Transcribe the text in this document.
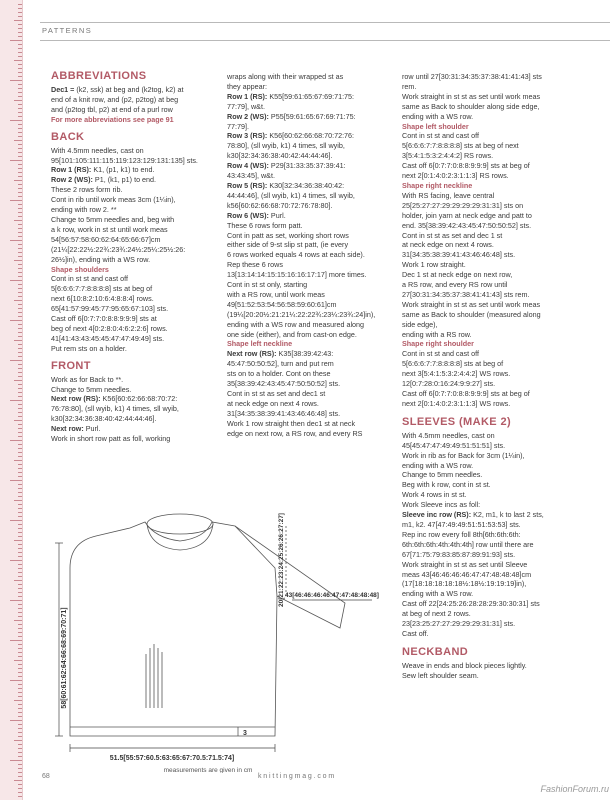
PATTERNS
ABBREVIATIONS

Dec1 = (k2, ssk) at beg and (k2tog, k2) at

end of a knit row, and (p2, p2tog) at beg

and (p2tog tbl, p2) at end of a purl row

For more abbreviations see page 91

BACK

With 4.5mm needles, cast on

95[101:105:111:115:119:123:129:131:135] sts.

Row 1 (RS): K1, (p1, k1) to end.

Row 2 (WS): P1, (k1, p1) to end.

These 2 rows form rib.

Cont in rib until work meas 3cm (1¼in),

ending with row 2. **

Change to 5mm needles and, beg with

a k row, work in st st until work meas

54[56:57:58:60:62:64:65:66:67]cm

(21¼[22:22½:22¾:23¾:24½:25¼:25½:26:

26½]in), ending with a WS row.

Shape shoulders

Cont in st st and cast off

5[6:6:6:7:7:8:8:8:8] sts at beg of

next 6[10:8:2:10:6:4:8:8:4] rows.

65[41:57:99:45:77:95:65:67:103] sts.

Cast off 6[0:7:7:0:8:8:9:9:9] sts at

beg of next 4[0:2:8:0:4:6:2:2:6] rows.

41[41:43:43:45:45:47:47:49:49] sts.

Put rem sts on a holder.

FRONT

Work as for Back to **.

Change to 5mm needles.

Next row (RS): K56[60:62:66:68:70:72:

76:78:80], (sll wyib, k1) 4 times, sll wyib,

k30[32:34:36:38:40:42:44:44:46].

Next row: Purl.

Work in short row patt as foll, working

wraps along with their wrapped st as

they appear:

Row 1 (RS): K55[59:61:65:67:69:71:75:

77:79], w&t.

Row 2 (WS): P55[59:61:65:67:69:71:75:

77:79].

Row 3 (RS): K56[60:62:66:68:70:72:76:

78:80], (sll wyib, k1) 4 times, sll wyib,

k30[32:34:36:38:40:42:44:44:46].

Row 4 (WS): P29[31:33:35:37:39:41:

43:43:45], w&t.

Row 5 (RS): K30[32:34:36:38:40:42:

44:44:46], (sll wyib, k1) 4 times, sll wyib,

k56[60:62:66:68:70:72:76:78:80].

Row 6 (WS): Purl.

These 6 rows form patt.

Cont in patt as set, working short rows

either side of 9-st slip st patt, (ie every

6 rows worked equals 4 rows at each side).

Rep these 6 rows

13[13:14:14:15:15:16:16:17:17] more times.

Cont in st st only, starting

with a RS row, until work meas

49[51:52:53:54:56:58:59:60:61]cm

(19¼[20:20½:21:21¼:22:22¾:23¼:23¾:24]in),

ending with a WS row and measured along

one side (either), and from cast-on edge.

Shape left neckline

Next row (RS): K35[38:39:42:43:

45:47:50:50:52], turn and put rem

sts on to a holder. Cont on these

35[38:39:42:43:45:47:50:50:52] sts.

Cont in st st as set and dec1 st

at neck edge on next 4 rows.

31[34:35:38:39:41:43:46:46:48] sts.

Work 1 row straight then dec1 st at neck

edge on next row, a RS row, and every RS

row until 27[30:31:34:35:37:38:41:41:43] sts

rem.

Work straight in st st as set until work meas

same as Back to shoulder along side edge,

ending with a WS row.

Shape left shoulder

Cont in st st and cast off

5[6:6:6:7:7:8:8:8:8] sts at beg of next

3[5:4:1:5:3:2:4:4:2] RS rows.

Cast off 6[0:7:7:0:8:8:9:9:9] sts at beg of

next 2[0:1:4:0:2:3:1:1:3] RS rows.

Shape right neckline

With RS facing, leave central

25[25:27:27:29:29:29:29:31:31] sts on

holder, join yarn at neck edge and patt to

end. 35[38:39:42:43:45:47:50:50:52] sts.

Cont in st st as set and dec 1 st

at neck edge on next 4 rows.

31[34:35:38:39:41:43:46:46:48] sts.

Work 1 row straight.

Dec 1 st at neck edge on next row,

a RS row, and every RS row until

27[30:31:34:35:37:38:41:41:43] sts rem.

Work straight in st st as set until work meas

same as Back to shoulder (measured along

side edge),

ending with a RS row.

Shape right shoulder

Cont in st st and cast off

5[6:6:6:7:7:8:8:8:8] sts at beg of

next 3[5:4:1:5:3:2:4:4:2] WS rows.

12[0:7:28:0:16:24:9:9:27] sts.

Cast off 6[0:7:7:0:8:8:9:9:9] sts at beg of

next 2[0:1:4:0:2:3:1:1:3] WS rows.

SLEEVES (MAKE 2)

With 4.5mm needles, cast on

45[45:47:47:49:49:51:51:51] sts.

Work in rib as for Back for 3cm (1¼in),

ending with a WS row.

Change to 5mm needles.

Beg with k row, cont in st st.

Work 4 rows in st st.

Work Sleeve incs as foll:

Sleeve inc row (RS): K2, m1, k to last 2 sts,

m1, k2. 47[47:49:49:51:51:53:53] sts.

Rep inc row every foll 8th[6th:6th:6th:

6th:6th:6th:4th:4th:4th] row until there are

67[71:75:79:83:85:87:89:91:93] sts.

Work straight in st st as set until Sleeve

meas 43[46:46:46:46:47:47:48:48:48]cm

(17[18:18:18:18:18½:18½:19:19:19]in),

ending with a WS row.

Cast off 22[24:25:26:28:28:29:30:30:31] sts

at beg of next 2 rows.

23[23:25:27:27:29:29:29:31:31] sts.

Cast off.

NECKBAND

Weave in ends and block pieces lightly.

Sew left shoulder seam.

58[60:61:62:64:66:68:69:70:71]
20[21:22:23:24:25:26:26:27:27] 43[46:46:46:46:47:47:48:48:48]
3
51.5[55:57:60.5:63:65:67:70.5:71.5:74]
measurements are given in cm
68	knittingmag.com
FashionForum.ru
